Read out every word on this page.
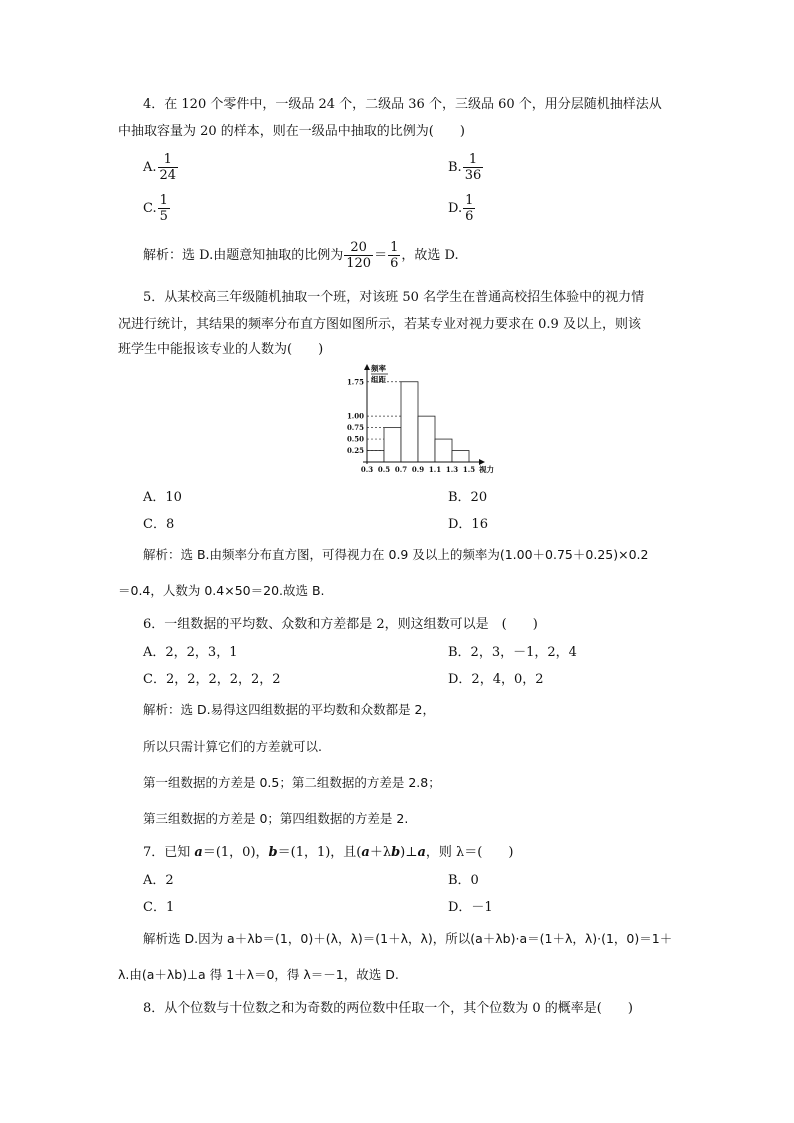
4．在 120 个零件中，一级品 24 个，二级品 36 个，三级品 60 个，用分层随机抽样法从
中抽取容量为 20 的样本，则在一级品中抽取的比例为(　　)
A. $\frac{1}{24}$	B. $\frac{1}{36}$
C. $\frac{1}{5}$	D. $\frac{1}{6}$
解析：选 D.由题意知抽取的比例为 $\frac{20}{120} = \frac{1}{6}$ ，故选 D.
5．从某校高三年级随机抽取一个班，对该班 50 名学生在普通高校招生体验中的视力情
况进行统计，其结果的频率分布直方图如图所示，若某专业对视力要求在 0.9 及以上，则该
班学生中能报该专业的人数为(　　)
频率
组距
0.25
0.50
0.75
1.00
1.75
0.3 0.5 0.7 0.9 1.1 1.3 1.5 视力
A．10	B．20
C．8	D．16
解析：选 B.由频率分布直方图，可得视力在 0.9 及以上的频率为(1.00＋0.75＋0.25)×0.2
＝0.4，人数为 0.4×50＝20.故选 B.
6．一组数据的平均数、众数和方差都是 2，则这组数可以是　(　　)
A．2，2，3，1	B．2，3，－1，2，4
C．2，2，2，2，2，2	D．2，4，0，2
解析：选 D.易得这四组数据的平均数和众数都是 2，
所以只需计算它们的方差就可以.
第一组数据的方差是 0.5；第二组数据的方差是 2.8；
第三组数据的方差是 0；第四组数据的方差是 2.
7．已知 a＝(1，0)，b＝(1，1)，且(a＋λb)⊥a，则 λ＝(　　)
A．2	B．0
C．1	D．－1
解析选 D.因为 a＋λb＝(1，0)＋(λ，λ)＝(1＋λ，λ)，所以(a＋λb)·a＝(1＋λ，λ)·(1，0)＝1＋
λ.由(a＋λb)⊥a 得 1＋λ＝0，得 λ＝－1，故选 D.
8．从个位数与十位数之和为奇数的两位数中任取一个，其个位数为 0 的概率是(　　)
